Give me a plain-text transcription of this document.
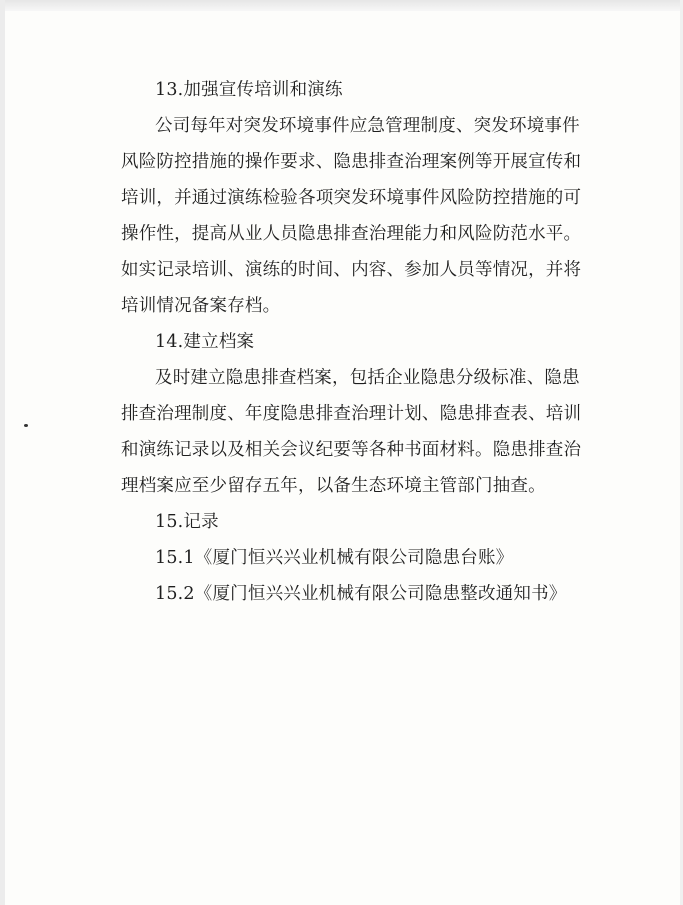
13.加强宣传培训和演练
公司每年对突发环境事件应急管理制度、突发环境事件
风险防控措施的操作要求、隐患排查治理案例等开展宣传和
培训，并通过演练检验各项突发环境事件风险防控措施的可
操作性，提高从业人员隐患排查治理能力和风险防范水平。
如实记录培训、演练的时间、内容、参加人员等情况，并将
培训情况备案存档。
14.建立档案
及时建立隐患排查档案，包括企业隐患分级标准、隐患
排查治理制度、年度隐患排查治理计划、隐患排查表、培训
和演练记录以及相关会议纪要等各种书面材料。隐患排查治
理档案应至少留存五年，以备生态环境主管部门抽查。
15.记录
15.1《厦门恒兴兴业机械有限公司隐患台账》
15.2《厦门恒兴兴业机械有限公司隐患整改通知书》
